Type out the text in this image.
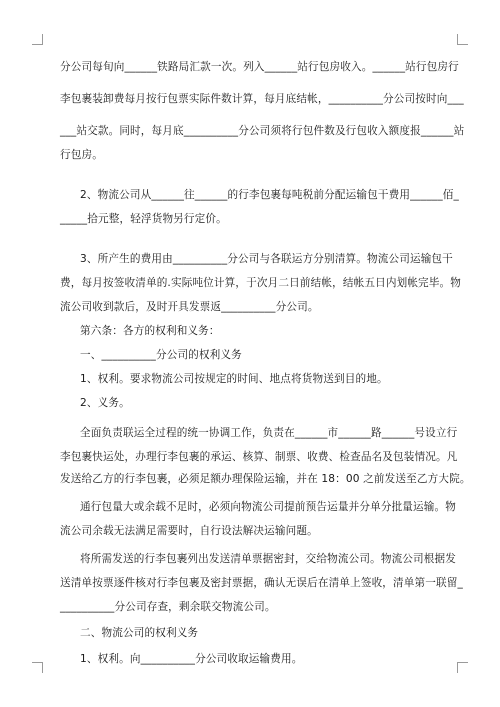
分公司每旬向______铁路局汇款一次。列入______站行包房收入。______站行包房行
李包裹装卸费每月按行包票实际件数计算，每月底结帐，__________分公司按时向___
___站交款。同时，每月底__________分公司须将行包件数及行包收入额度报______站
行包房。
2、物流公司从______往______的行李包裹每吨税前分配运输包干费用______佰_
_____拾元整，轻浮货物另行定价。
3、所产生的费用由__________分公司与各联运方分别清算。物流公司运输包干
费，每月按签收清单的.实际吨位计算，于次月二日前结帐，结帐五日内划帐完毕。物
流公司收到款后，及时开具发票返__________分公司。
第六条：各方的权利和义务：
一、__________分公司的权利义务
1、权利。要求物流公司按规定的时间、地点将货物送到目的地。
2、义务。
全面负责联运全过程的统一协调工作，负责在______市______路______号设立行
李包裹快运处，办理行李包裹的承运、核算、制票、收费、检查品名及包装情况。凡
发送给乙方的行李包裹，必须足额办理保险运输，并在 18：00 之前发送至乙方大院。
通行包量大或余载不足时，必须向物流公司提前预告运量并分单分批量运输。物
流公司余载无法满足需要时，自行设法解决运输问题。
将所需发送的行李包裹列出发送清单票据密封，交给物流公司。物流公司根据发
送清单按票逐件核对行李包裹及密封票据，确认无误后在清单上签收，清单第一联留_
__________分公司存查，剩余联交物流公司。
二、物流公司的权利义务
1、权利。向__________分公司收取运输费用。
